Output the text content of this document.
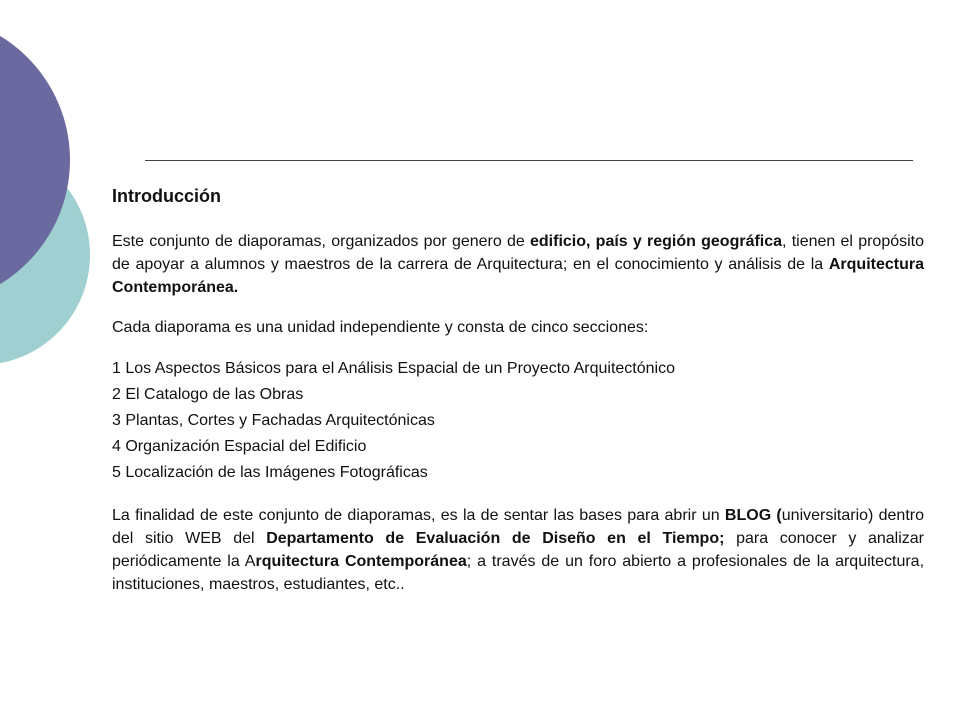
Introducción

Este conjunto de diaporamas, organizados por genero de edificio, país y región geográfica, tienen el propósito de apoyar a alumnos y maestros de la carrera de Arquitectura; en el conocimiento y análisis de la Arquitectura Contemporánea.

Cada diaporama es una unidad independiente y consta de cinco secciones:

1 Los Aspectos Básicos para el Análisis Espacial de un Proyecto Arquitectónico
2 El Catalogo de las Obras
3 Plantas, Cortes y Fachadas Arquitectónicas
4 Organización Espacial del Edificio
5 Localización de las Imágenes Fotográficas

La finalidad de este conjunto de diaporamas, es la de sentar las bases para abrir un BLOG (universitario) dentro del sitio WEB del Departamento de Evaluación de Diseño en el Tiempo; para conocer y analizar periódicamente la Arquitectura Contemporánea; a través de un foro abierto a profesionales de la arquitectura, instituciones, maestros, estudiantes, etc..
